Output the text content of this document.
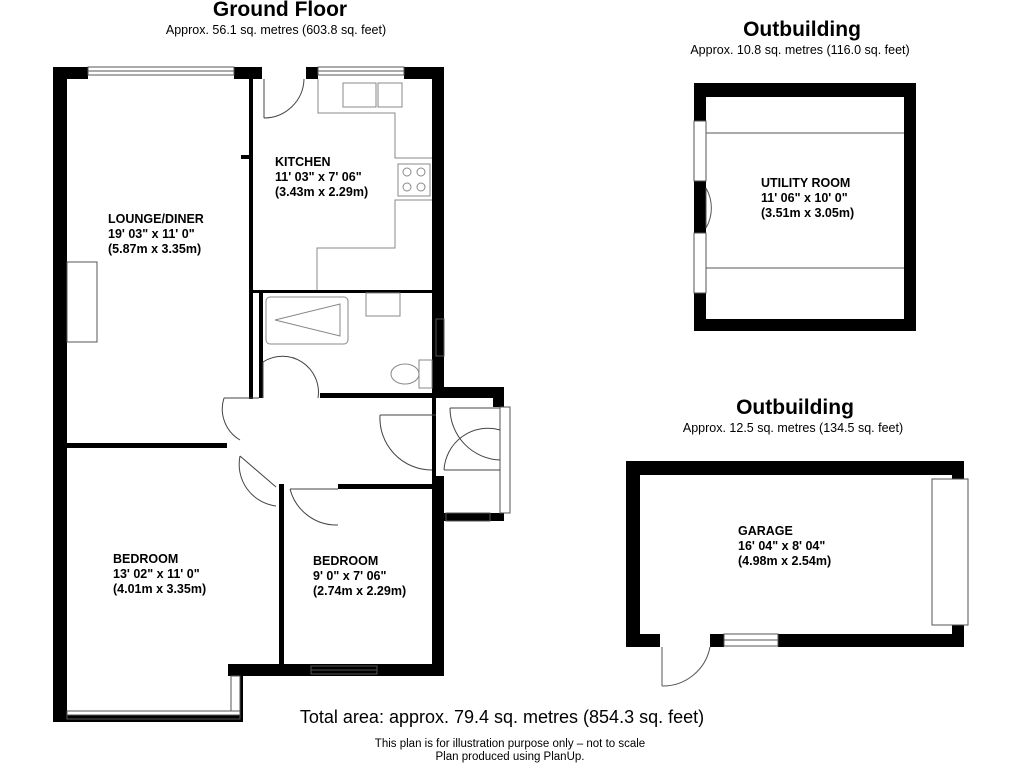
Ground Floor
Approx. 56.1 sq. metres (603.8 sq. feet)	Outbuilding
Approx. 10.8 sq. metres (116.0 sq. feet)
Outbuilding
Approx. 12.5 sq. metres (134.5 sq. feet)
LOUNGE/DINER
19' 03" x 11' 0"
(5.87m x 3.35m)
KITCHEN
11' 03" x 7' 06"
(3.43m x 2.29m)
BEDROOM
13' 02" x 11' 0"
(4.01m x 3.35m)
BEDROOM
9' 0" x 7' 06"
(2.74m x 2.29m)
UTILITY ROOM
11' 06" x 10' 0"
(3.51m x 3.05m)
GARAGE
16' 04" x 8' 04"
(4.98m x 2.54m)
Total area: approx. 79.4 sq. metres (854.3 sq. feet)
This plan is for illustration purpose only – not to scale
Plan produced using PlanUp.
